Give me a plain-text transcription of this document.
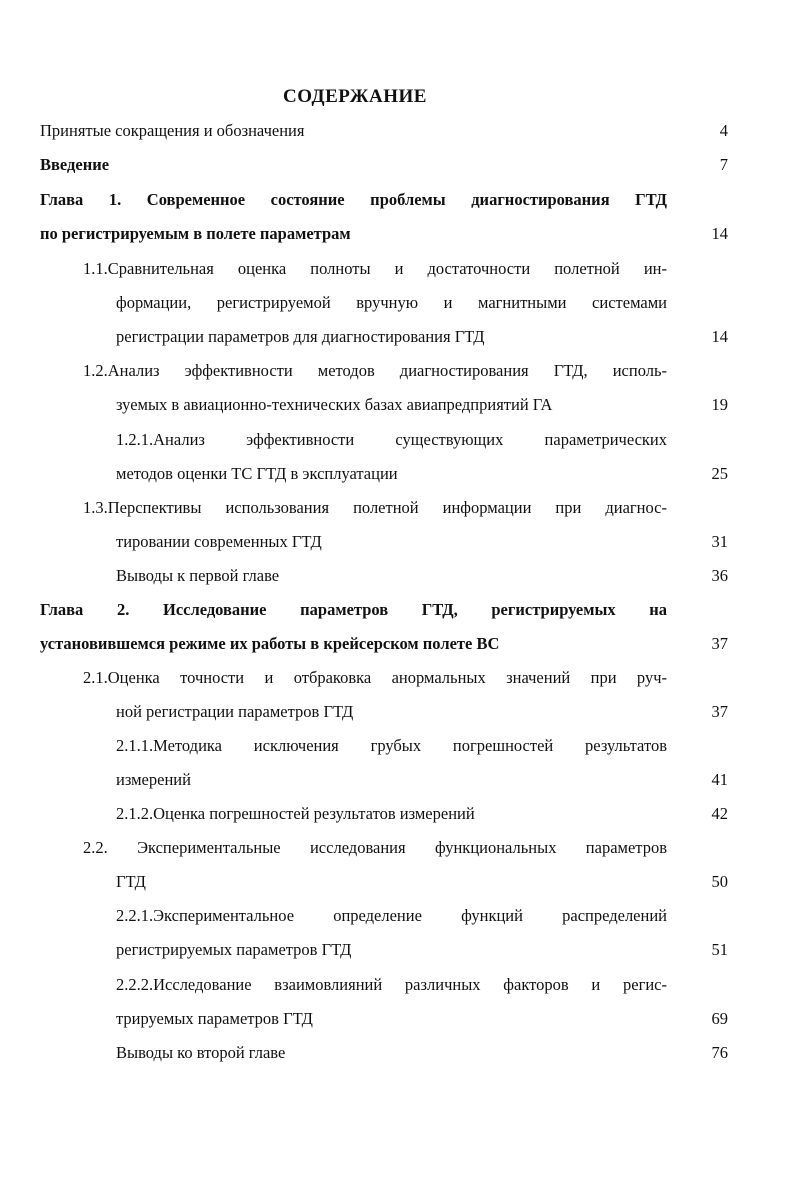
СОДЕРЖАНИЕ
Принятые сокращения и обозначения	4
Введение	7
Глава 1. Современное состояние проблемы диагностирования ГТД
по регистрируемым в полете параметрам	14
1.1.Сравнительная оценка полноты и достаточности полетной ин-
формации, регистрируемой вручную и магнитными системами
регистрации параметров для диагностирования ГТД	14
1.2.Анализ эффективности методов диагностирования ГТД, исполь-
зуемых в авиационно-технических базах авиапредприятий ГА	19
1.2.1.Анализ эффективности существующих параметрических
методов оценки ТС ГТД в эксплуатации	25
1.3.Перспективы использования полетной информации при диагнос-
тировании современных ГТД	31
Выводы к первой главе	36
Глава 2. Исследование параметров ГТД, регистрируемых на
установившемся режиме их работы в крейсерском полете ВС	37
2.1.Оценка точности и отбраковка анормальных значений при руч-
ной регистрации параметров ГТД	37
2.1.1.Методика исключения грубых погрешностей результатов
измерений	41
2.1.2.Оценка погрешностей результатов измерений	42
2.2. Экспериментальные исследования функциональных параметров
ГТД	50
2.2.1.Экспериментальное определение функций распределений
регистрируемых параметров ГТД	51
2.2.2.Исследование взаимовлияний различных факторов и регис-
трируемых параметров ГТД	69
Выводы ко второй главе	76
